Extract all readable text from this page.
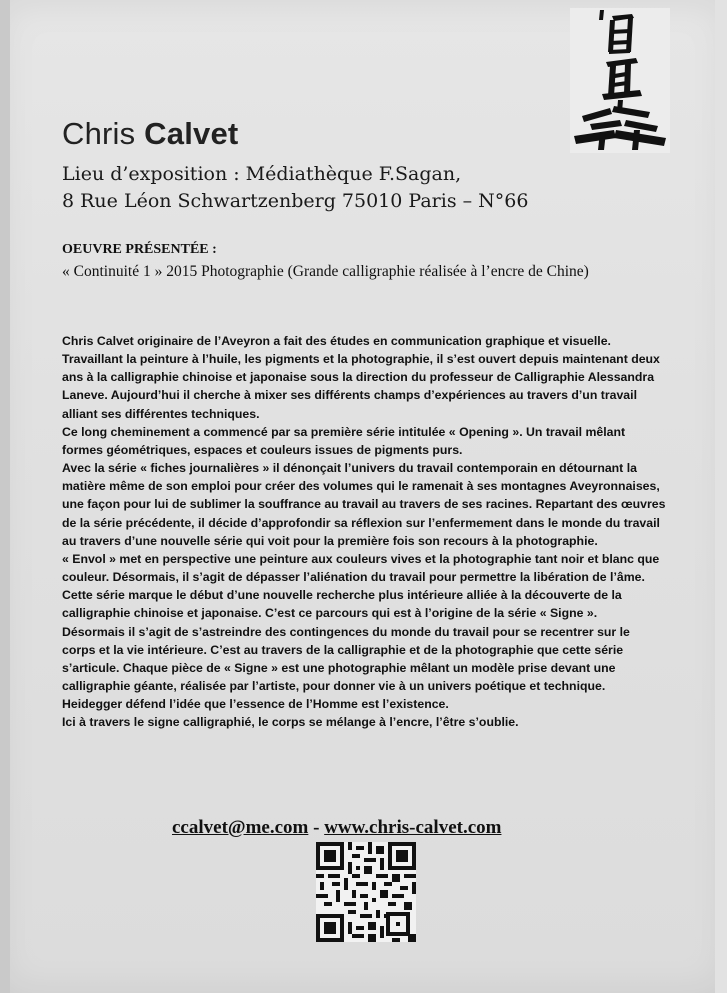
Chris Calvet
Lieu d’exposition : Médiathèque F.Sagan,
8 Rue Léon Schwartzenberg 75010 Paris – N°66
OEUVRE PRÉSENTÉE :
« Continuité 1 » 2015 Photographie (Grande calligraphie réalisée à l’encre de Chine)

Chris Calvet originaire de l’Aveyron a fait des études en communication graphique et visuelle. Travaillant la peinture à l’huile, les pigments et la photographie, il s’est ouvert depuis maintenant deux ans à la calligraphie chinoise et japonaise sous la direction du professeur de Calligraphie Alessandra Laneve. Aujourd’hui il cherche à mixer ses différents champs d’expériences au travers d’un travail alliant ses différentes techniques.

Ce long cheminement a commencé par sa première série intitulée « Opening ». Un travail mêlant formes géométriques, espaces et couleurs issues de pigments purs.

Avec la série « fiches journalières » il dénonçait l’univers du travail contemporain en détournant la matière même de son emploi pour créer des volumes qui le ramenait à ses montagnes Aveyronnaises, une façon pour lui de sublimer la souffrance au travail au travers de ses racines. Repartant des œuvres de la série précédente, il décide d’approfondir sa réflexion sur l’enfermement dans le monde du travail au travers d’une nouvelle série qui voit pour la première fois son recours à la photographie.

« Envol » met en perspective une peinture aux couleurs vives et la photographie tant noir et blanc que couleur. Désormais, il s’agit de dépasser l’aliénation du travail pour permettre la libération de l’âme. Cette série marque le début d’une nouvelle recherche plus intérieure alliée à la découverte de la calligraphie chinoise et japonaise. C’est ce parcours qui est à l’origine de la série « Signe ».

Désormais il s’agit de s’astreindre des contingences du monde du travail pour se recentrer sur le corps et la vie intérieure. C’est au travers de la calligraphie et de la photographie que cette série s’articule. Chaque pièce de « Signe » est une photographie mêlant un modèle prise devant une calligraphie géante, réalisée par l’artiste, pour donner vie à un univers poétique et technique.

Heidegger défend l’idée que l’essence de l’Homme est l’existence.

Ici à travers le signe calligraphié, le corps se mélange à l’encre, l’être s’oublie.

ccalvet@me.com - www.chris-calvet.com
